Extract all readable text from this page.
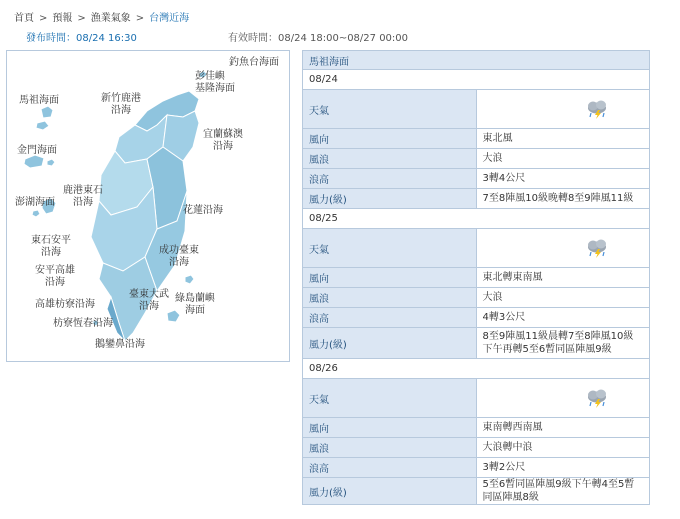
首頁 > 預報 > 漁業氣象 > 台灣近海
發布時間：08/24 16:30	有效時間：08/24 18:00~08/27 00:00
釣魚台海面
彭佳嶼
基隆海面
馬祖海面	新竹鹿港
沿海
宜蘭蘇澳
沿海
金門海面
鹿港東石
沿海
澎湖海面
花蓮沿海
東石安平
沿海
安平高雄
沿海
成功臺東
沿海
高雄枋寮沿海
臺東大武
沿海
綠島蘭嶼
海面
枋寮恆春沿海
鵝鑾鼻沿海
馬祖海面	
08/24	
天氣	
風向	東北風
風浪	大浪
浪高	3轉4公尺
風力(級)	7至8陣風10級晚轉8至9陣風11級
08/25	
天氣	
風向	東北轉東南風
風浪	大浪
浪高	4轉3公尺
風力(級)	8至9陣風11級晨轉7至8陣風10級下午再轉5至6暫同區陣風9級
08/26	
天氣	
風向	東南轉西南風
風浪	大浪轉中浪
浪高	3轉2公尺
風力(級)	5至6暫同區陣風9級下午轉4至5暫同區陣風8級
